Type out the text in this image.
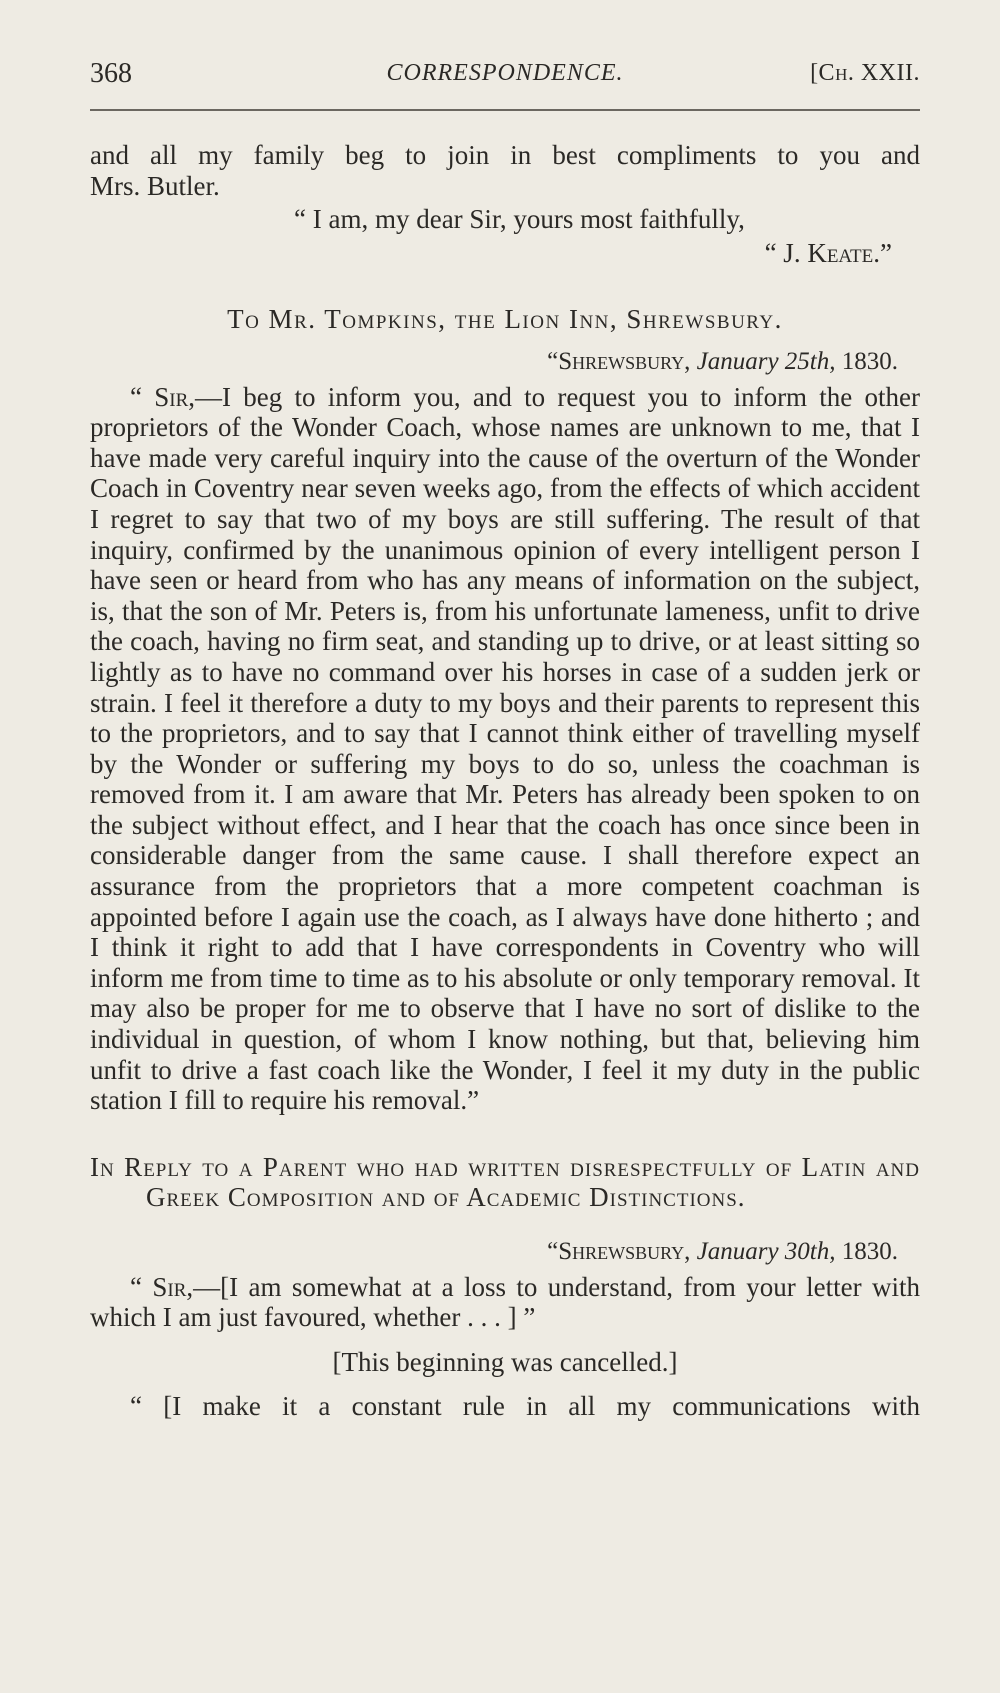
368	CORRESPONDENCE.	[Ch. XXII.

and all my family beg to join in best compliments to you and

Mrs. Butler.

“ I am, my dear Sir, yours most faithfully,

“ J. Keate.”

To Mr. Tompkins, the Lion Inn, Shrewsbury.

“Shrewsbury, January 25th, 1830.

“ Sir,—I beg to inform you, and to request you to inform the other proprietors of the Wonder Coach, whose names are unknown to me, that I have made very careful inquiry into the cause of the overturn of the Wonder Coach in Coventry near seven weeks ago, from the effects of which accident I regret to say that two of my boys are still suffering. The result of that inquiry, confirmed by the unanimous opinion of every intelligent person I have seen or heard from who has any means of information on the subject, is, that the son of Mr. Peters is, from his unfortunate lameness, unfit to drive the coach, having no firm seat, and standing up to drive, or at least sitting so lightly as to have no command over his horses in case of a sudden jerk or strain. I feel it therefore a duty to my boys and their parents to represent this to the proprietors, and to say that I cannot think either of travelling myself by the Wonder or suffering my boys to do so, unless the coachman is removed from it. I am aware that Mr. Peters has already been spoken to on the subject without effect, and I hear that the coach has once since been in considerable danger from the same cause. I shall therefore expect an assurance from the proprietors that a more competent coachman is appointed before I again use the coach, as I always have done hitherto ; and I think it right to add that I have correspondents in Coventry who will inform me from time to time as to his absolute or only temporary removal. It may also be proper for me to observe that I have no sort of dislike to the individual in question, of whom I know nothing, but that, believing him unfit to drive a fast coach like the Wonder, I feel it my duty in the public station I fill to require his removal.”

In Reply to a Parent who had written disrespectfully of Latin and Greek Composition and of Academic Distinctions.

“Shrewsbury, January 30th, 1830.

“ Sir,—[I am somewhat at a loss to understand, from your letter with which I am just favoured, whether . . . ] ”

[This beginning was cancelled.]

“ [I make it a constant rule in all my communications with
